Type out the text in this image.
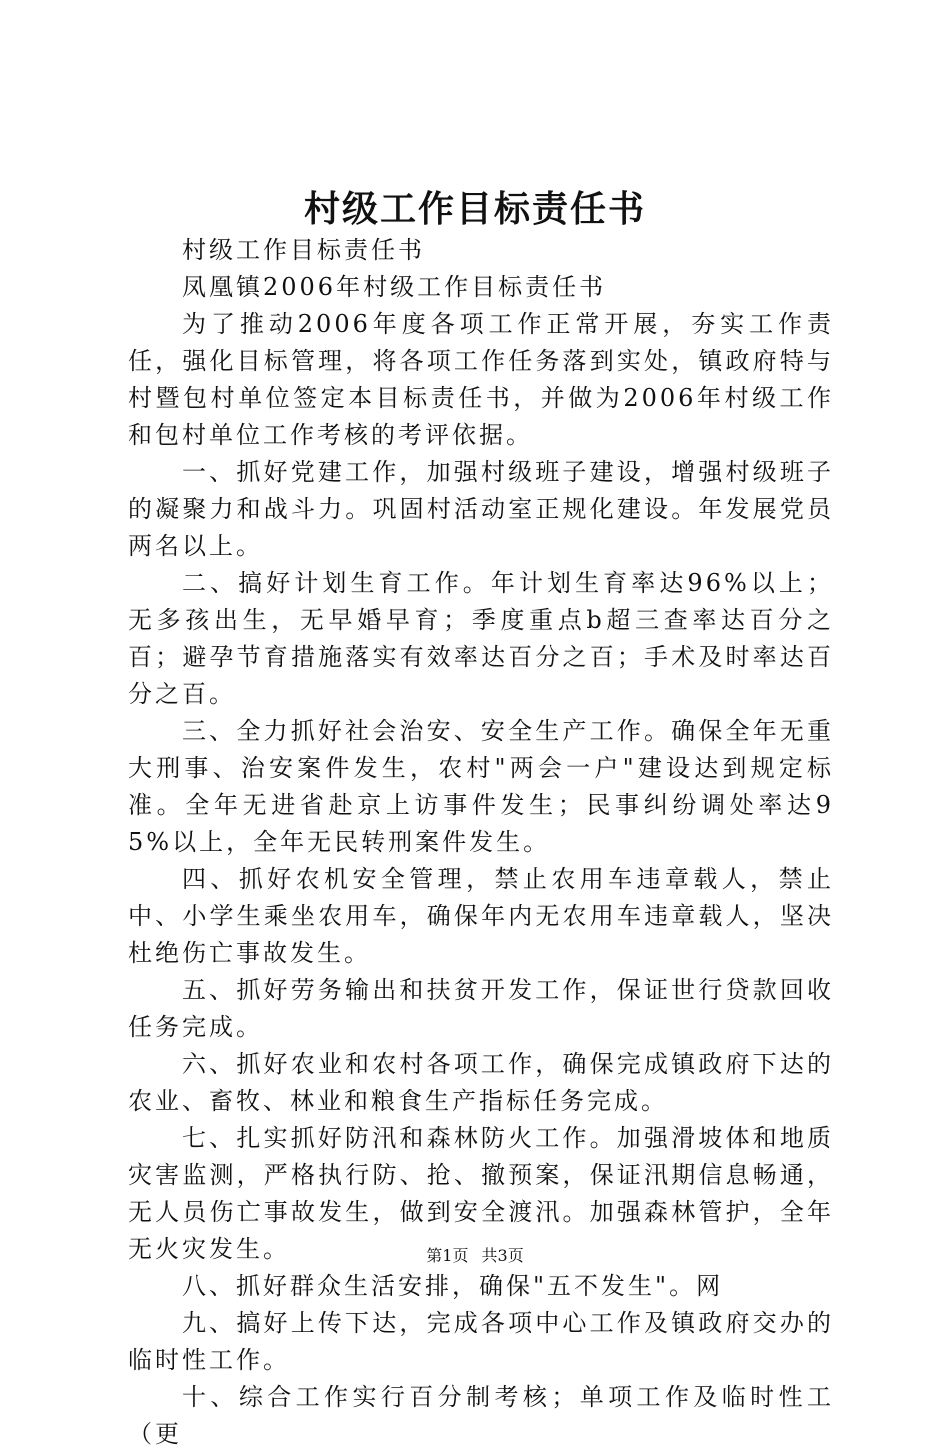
村级工作目标责任书

村级工作目标责任书

凤凰镇2006年村级工作目标责任书

为了推动2006年度各项工作正常开展，夯实工作责任，强化目标管理，将各项工作任务落到实处，镇政府特与村暨包村单位签定本目标责任书，并做为2006年村级工作和包村单位工作考核的考评依据。

一、抓好党建工作，加强村级班子建设，增强村级班子的凝聚力和战斗力。巩固村活动室正规化建设。年发展党员两名以上。

二、搞好计划生育工作。年计划生育率达96%以上；无多孩出生，无早婚早育；季度重点b超三查率达百分之百；避孕节育措施落实有效率达百分之百；手术及时率达百分之百。

三、全力抓好社会治安、安全生产工作。确保全年无重大刑事、治安案件发生，农村"两会一户"建设达到规定标准。全年无进省赴京上访事件发生；民事纠纷调处率达95%以上，全年无民转刑案件发生。

四、抓好农机安全管理，禁止农用车违章载人，禁止中、小学生乘坐农用车，确保年内无农用车违章载人，坚决杜绝伤亡事故发生。

五、抓好劳务输出和扶贫开发工作，保证世行贷款回收任务完成。

六、抓好农业和农村各项工作，确保完成镇政府下达的农业、畜牧、林业和粮食生产指标任务完成。

七、扎实抓好防汛和森林防火工作。加强滑坡体和地质灾害监测，严格执行防、抢、撤预案，保证汛期信息畅通，无人员伤亡事故发生，做到安全渡汛。加强森林管护，全年无火灾发生。

八、抓好群众生活安排，确保"五不发生"。网

九、搞好上传下达，完成各项中心工作及镇政府交办的临时性工作。

十、综合工作实行百分制考核；单项工作及临时性工（更

第1页 共3页
